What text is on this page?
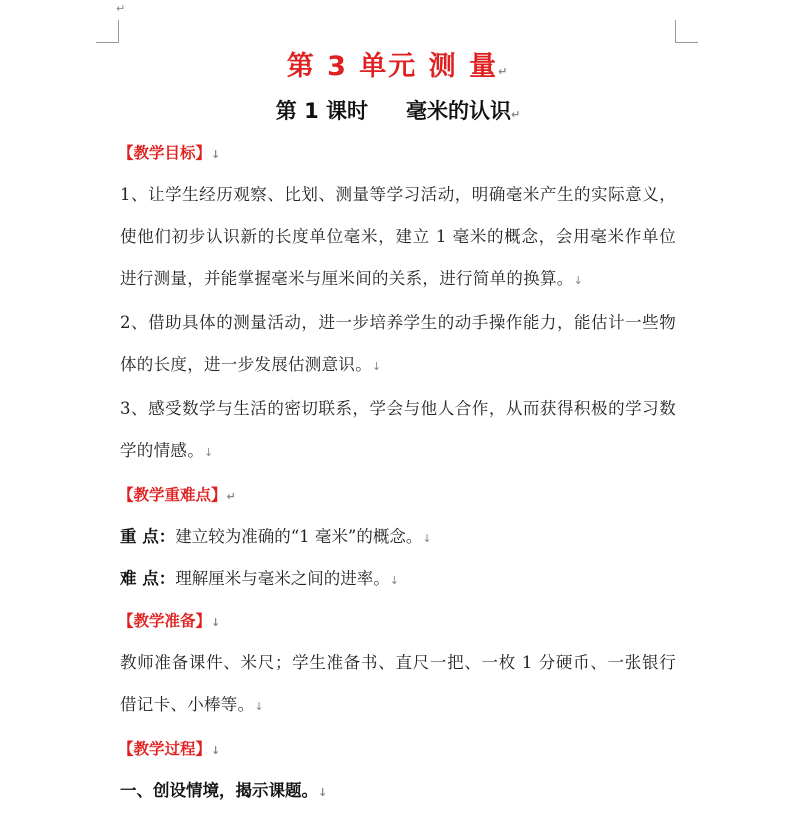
↵
第 3 单元 测 量↵
第 1 课时 毫米的认识↵
【教学目标】↓
1、让学生经历观察、比划、测量等学习活动，明确毫米产生的实际意义，使他们初步认识新的长度单位毫米，建立 1 毫米的概念，会用毫米作单位进行测量，并能掌握毫米与厘米间的关系，进行简单的换算。↓
2、借助具体的测量活动，进一步培养学生的动手操作能力，能估计一些物体的长度，进一步发展估测意识。↓
3、感受数学与生活的密切联系，学会与他人合作，从而获得积极的学习数学的情感。↓
【教学重难点】↵
重 点：建立较为准确的“1 毫米”的概念。↓
难 点：理解厘米与毫米之间的进率。↓
【教学准备】↓
教师准备课件、米尺；学生准备书、直尺一把、一枚 1 分硬币、一张银行借记卡、小棒等。↓
【教学过程】↓
一、创设情境，揭示课题。↓
